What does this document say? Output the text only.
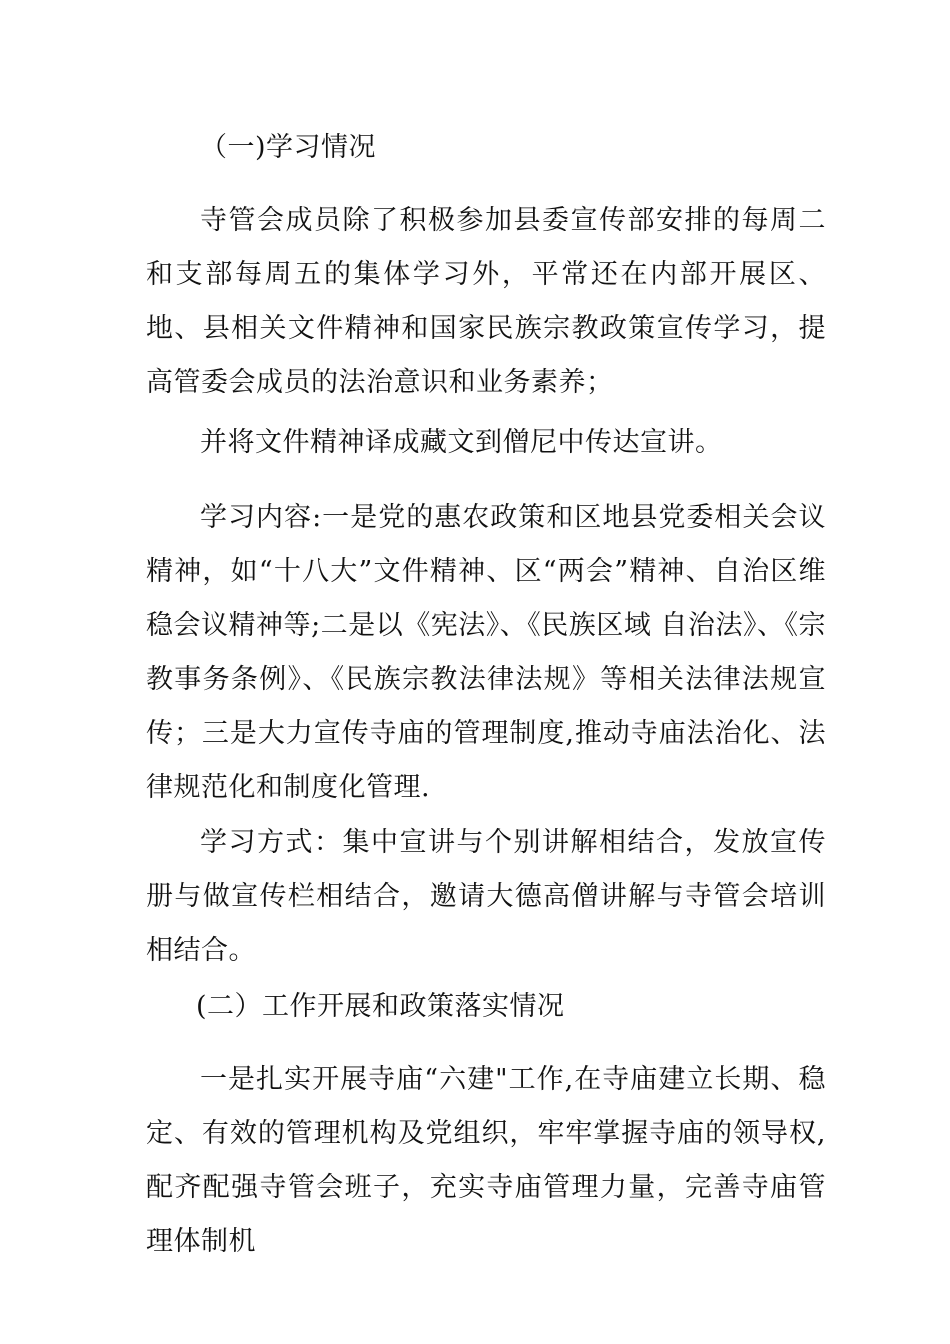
（一)学习情况

寺管会成员除了积极参加县委宣传部安排的每周二和支部每周五的集体学习外，平常还在内部开展区、地、县相关文件精神和国家民族宗教政策宣传学习，提高管委会成员的法治意识和业务素养；

并将文件精神译成藏文到僧尼中传达宣讲。

学习内容:一是党的惠农政策和区地县党委相关会议精神，如“十八大”文件精神、区“两会”精神、自治区维稳会议精神等;二是以《宪法》、《民族区域 自治法》、《宗教事务条例》、《民族宗教法律法规》等相关法律法规宣传；三是大力宣传寺庙的管理制度,推动寺庙法治化、法律规范化和制度化管理.

学习方式：集中宣讲与个别讲解相结合，发放宣传册与做宣传栏相结合，邀请大德高僧讲解与寺管会培训相结合。

(二）工作开展和政策落实情况

一是扎实开展寺庙“六建"工作,在寺庙建立长期、稳定、有效的管理机构及党组织，牢牢掌握寺庙的领导权,配齐配强寺管会班子，充实寺庙管理力量，完善寺庙管理体制机
